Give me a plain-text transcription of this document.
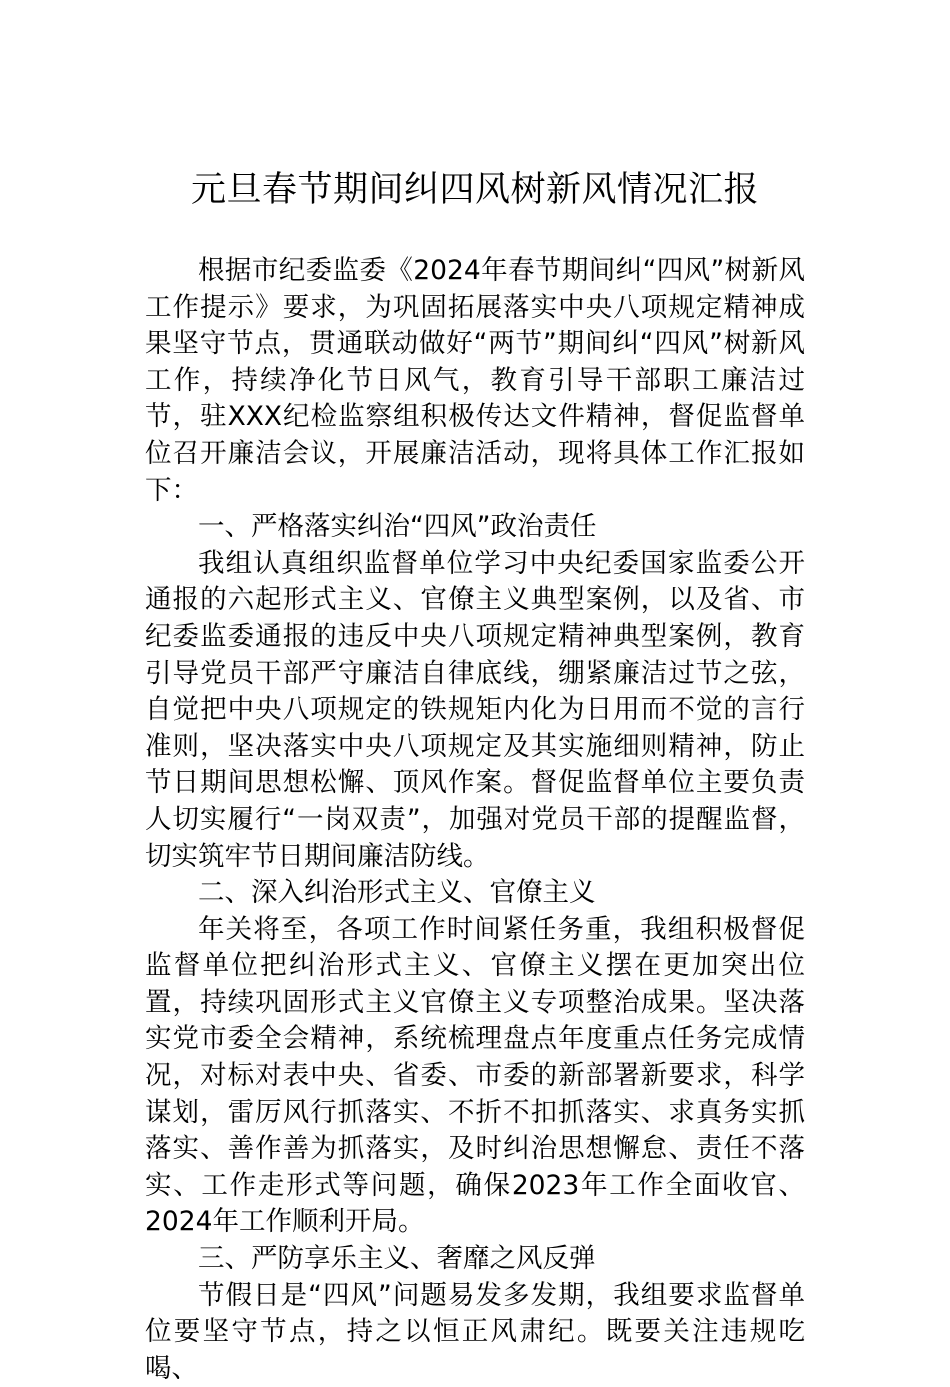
元旦春节期间纠四风树新风情况汇报

根据市纪委监委《2024年春节期间纠“四风”树新风工作提示》要求，为巩固拓展落实中央八项规定精神成果坚守节点，贯通联动做好“两节”期间纠“四风”树新风工作，持续净化节日风气，教育引导干部职工廉洁过节，驻XXX纪检监察组积极传达文件精神，督促监督单位召开廉洁会议，开展廉洁活动，现将具体工作汇报如下：

一、严格落实纠治“四风”政治责任

我组认真组织监督单位学习中央纪委国家监委公开通报的六起形式主义、官僚主义典型案例，以及省、市纪委监委通报的违反中央八项规定精神典型案例，教育引导党员干部严守廉洁自律底线，绷紧廉洁过节之弦，自觉把中央八项规定的铁规矩内化为日用而不觉的言行准则，坚决落实中央八项规定及其实施细则精神，防止节日期间思想松懈、顶风作案。督促监督单位主要负责人切实履行“一岗双责”，加强对党员干部的提醒监督，切实筑牢节日期间廉洁防线。

二、深入纠治形式主义、官僚主义

年关将至，各项工作时间紧任务重，我组积极督促监督单位把纠治形式主义、官僚主义摆在更加突出位置，持续巩固形式主义官僚主义专项整治成果。坚决落实党市委全会精神，系统梳理盘点年度重点任务完成情况，对标对表中央、省委、市委的新部署新要求，科学谋划，雷厉风行抓落实、不折不扣抓落实、求真务实抓落实、善作善为抓落实，及时纠治思想懈怠、责任不落实、工作走形式等问题，确保2023年工作全面收官、2024年工作顺利开局。

三、严防享乐主义、奢靡之风反弹

节假日是“四风”问题易发多发期，我组要求监督单位要坚守节点，持之以恒正风肃纪。既要关注违规吃喝、
